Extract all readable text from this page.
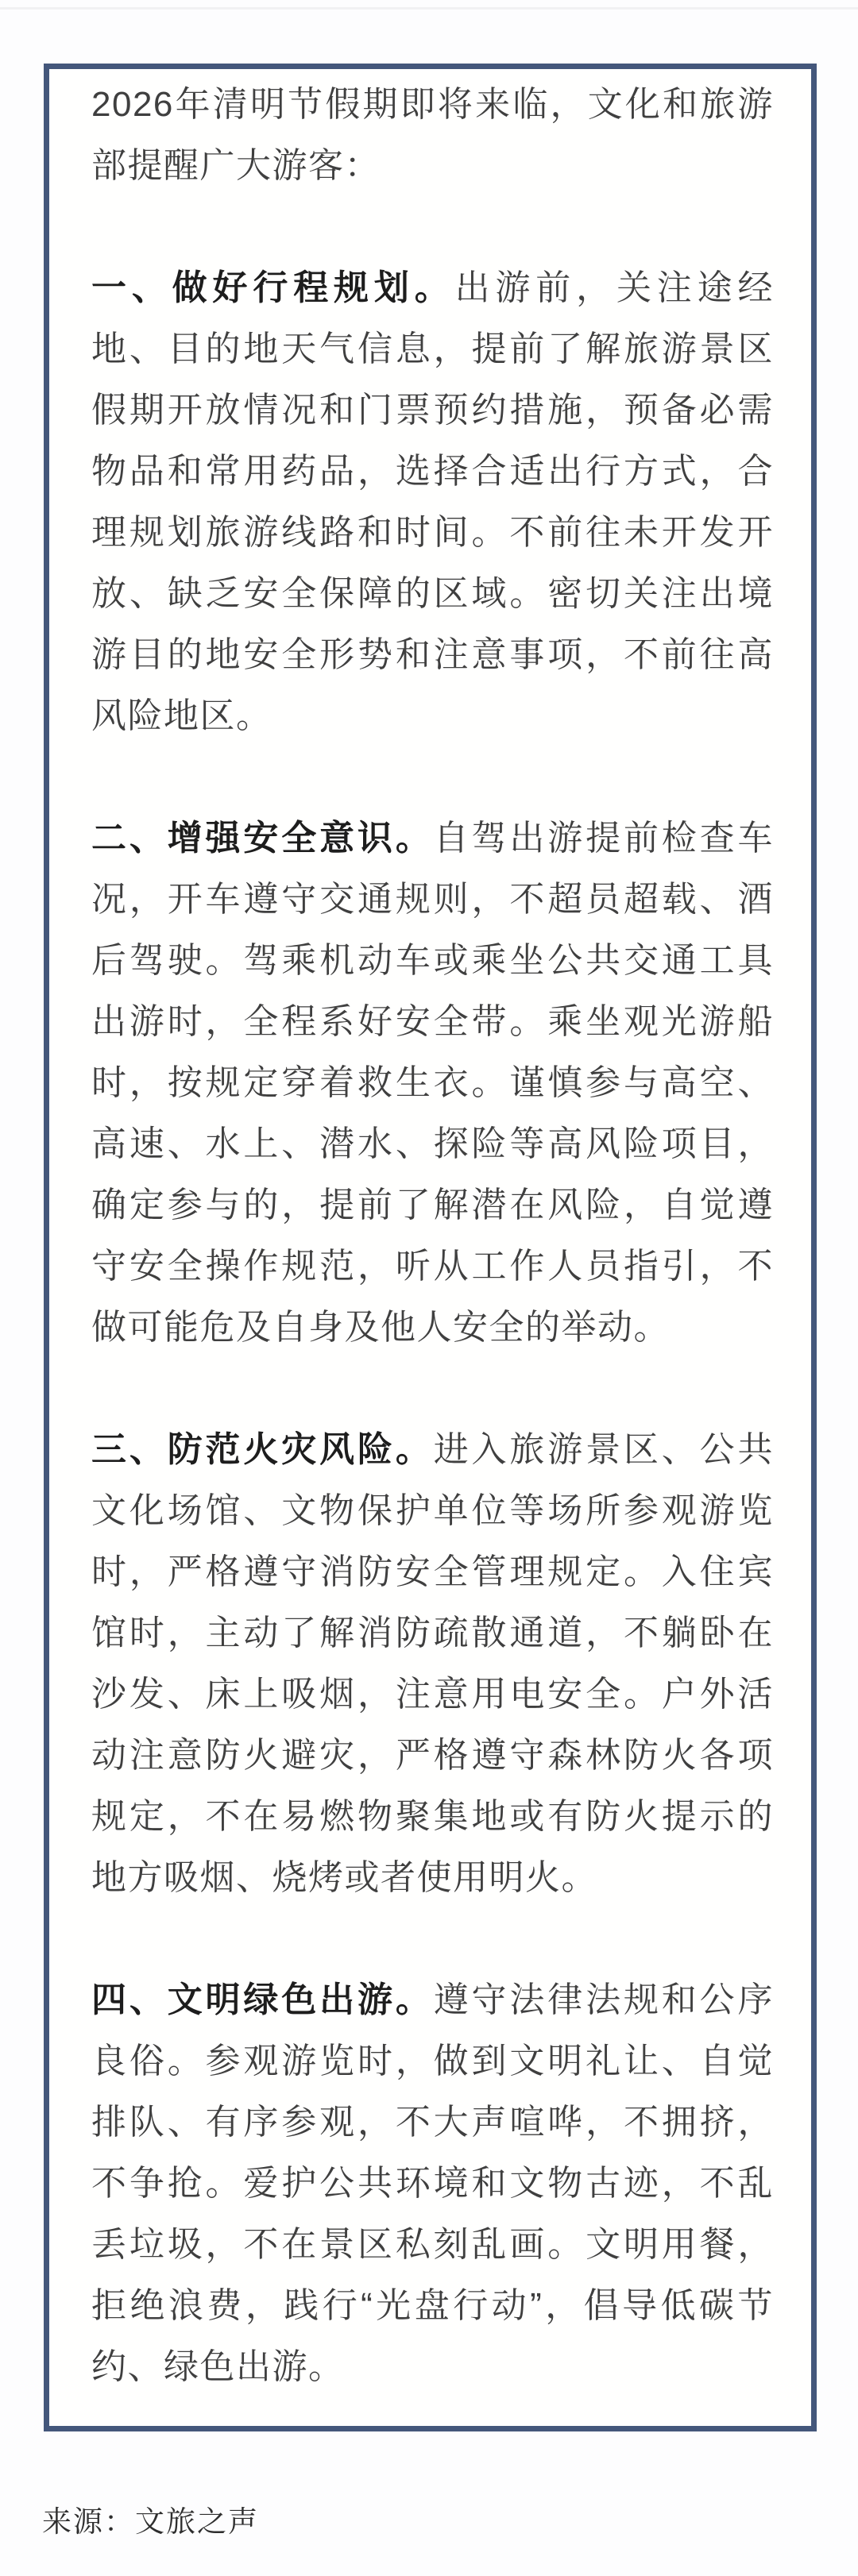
2026年清明节假期即将来临，文化和旅游部提醒广大游客：

一、做好行程规划。出游前，关注途经地、目的地天气信息，提前了解旅游景区假期开放情况和门票预约措施，预备必需物品和常用药品，选择合适出行方式，合理规划旅游线路和时间。不前往未开发开放、缺乏安全保障的区域。密切关注出境游目的地安全形势和注意事项，不前往高风险地区。

二、增强安全意识。自驾出游提前检查车况，开车遵守交通规则，不超员超载、酒后驾驶。驾乘机动车或乘坐公共交通工具出游时，全程系好安全带。乘坐观光游船时，按规定穿着救生衣。谨慎参与高空、高速、水上、潜水、探险等高风险项目，确定参与的，提前了解潜在风险，自觉遵守安全操作规范，听从工作人员指引，不做可能危及自身及他人安全的举动。

三、防范火灾风险。进入旅游景区、公共文化场馆、文物保护单位等场所参观游览时，严格遵守消防安全管理规定。入住宾馆时，主动了解消防疏散通道，不躺卧在沙发、床上吸烟，注意用电安全。户外活动注意防火避灾，严格遵守森林防火各项规定，不在易燃物聚集地或有防火提示的地方吸烟、烧烤或者使用明火。

四、文明绿色出游。遵守法律法规和公序良俗。参观游览时，做到文明礼让、自觉排队、有序参观，不大声喧哗，不拥挤，不争抢。爱护公共环境和文物古迹，不乱丢垃圾，不在景区私刻乱画。文明用餐，拒绝浪费，践行“光盘行动”，倡导低碳节约、绿色出游。

来源：文旅之声
